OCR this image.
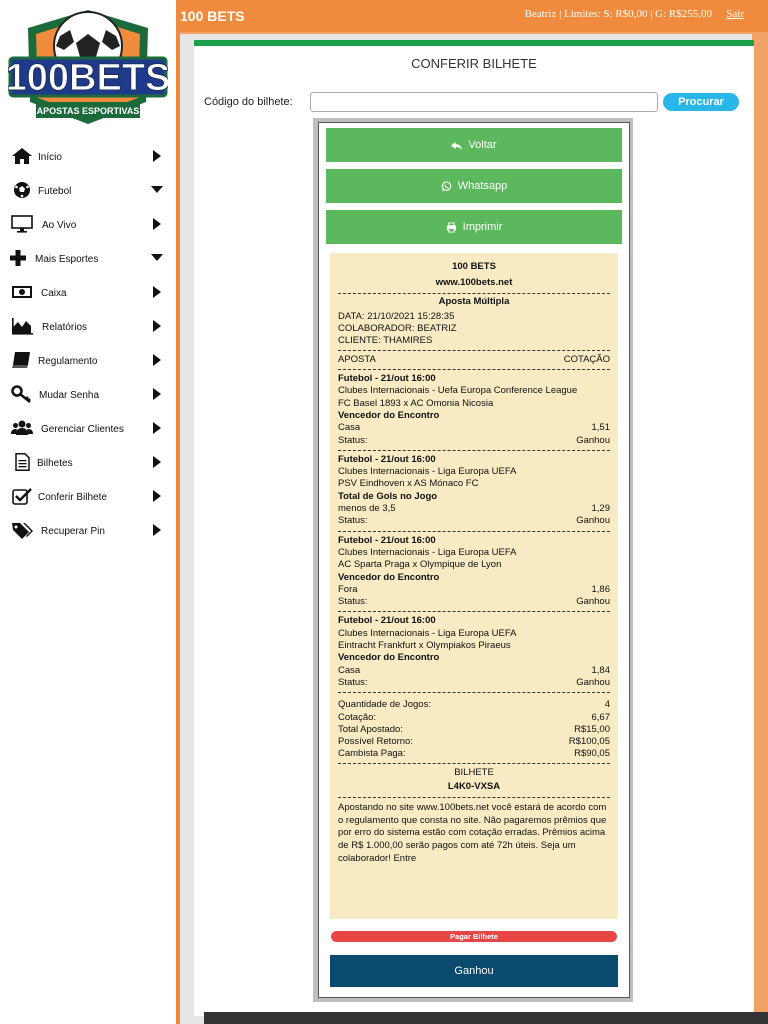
100BETS
APOSTAS ESPORTIVAS
Início
Futebol
Ao Vivo
Mais Esportes
Caixa
Relatórios
Regulamento
Mudar Senha
Gerenciar Clientes
Bilhetes
Conferir Bilhete
Recuperar Pin
100 BETS	Beatriz | Limites: S: R$0,00 | G: R$255,00 Sair
CONFERIR BILHETE
Código do bilhete:	Procurar
Voltar
Whatsapp
Imprimir
100 BETS
www.100bets.net
Aposta Múltipla
DATA: 21/10/2021 15:28:35
COLABORADOR: BEATRIZ
CLIENTE: THAMIRES
APOSTA	COTAÇÃO
Futebol - 21/out 16:00
Clubes Internacionais - Uefa Europa Conference League
FC Basel 1893 x AC Omonia Nicosia
Vencedor do Encontro
Casa	1,51
Status:	Ganhou
Futebol - 21/out 16:00
Clubes Internacionais - Liga Europa UEFA
PSV Eindhoven x AS Mónaco FC
Total de Gols no Jogo
menos de 3,5	1,29
Status:	Ganhou
Futebol - 21/out 16:00
Clubes Internacionais - Liga Europa UEFA
AC Sparta Praga x Olympique de Lyon
Vencedor do Encontro
Fora	1,86
Status:	Ganhou
Futebol - 21/out 16:00
Clubes Internacionais - Liga Europa UEFA
Eintracht Frankfurt x Olympiakos Piraeus
Vencedor do Encontro
Casa	1,84
Status:	Ganhou
Quantidade de Jogos:	4
Cotação:	6,67
Total Apostado:	R$15,00
Possível Retorno:	R$100,05
Cambista Paga:	R$90,05
BILHETE
L4K0-VXSA
Apostando no site www.100bets.net você estará de acordo com o regulamento que consta no site. Não pagaremos prêmios que por erro do sistema estão com cotação erradas. Prêmios acima de R$ 1.000,00 serão pagos com até 72h úteis. Seja um colaborador! Entre
Pagar Bilhete
Ganhou
